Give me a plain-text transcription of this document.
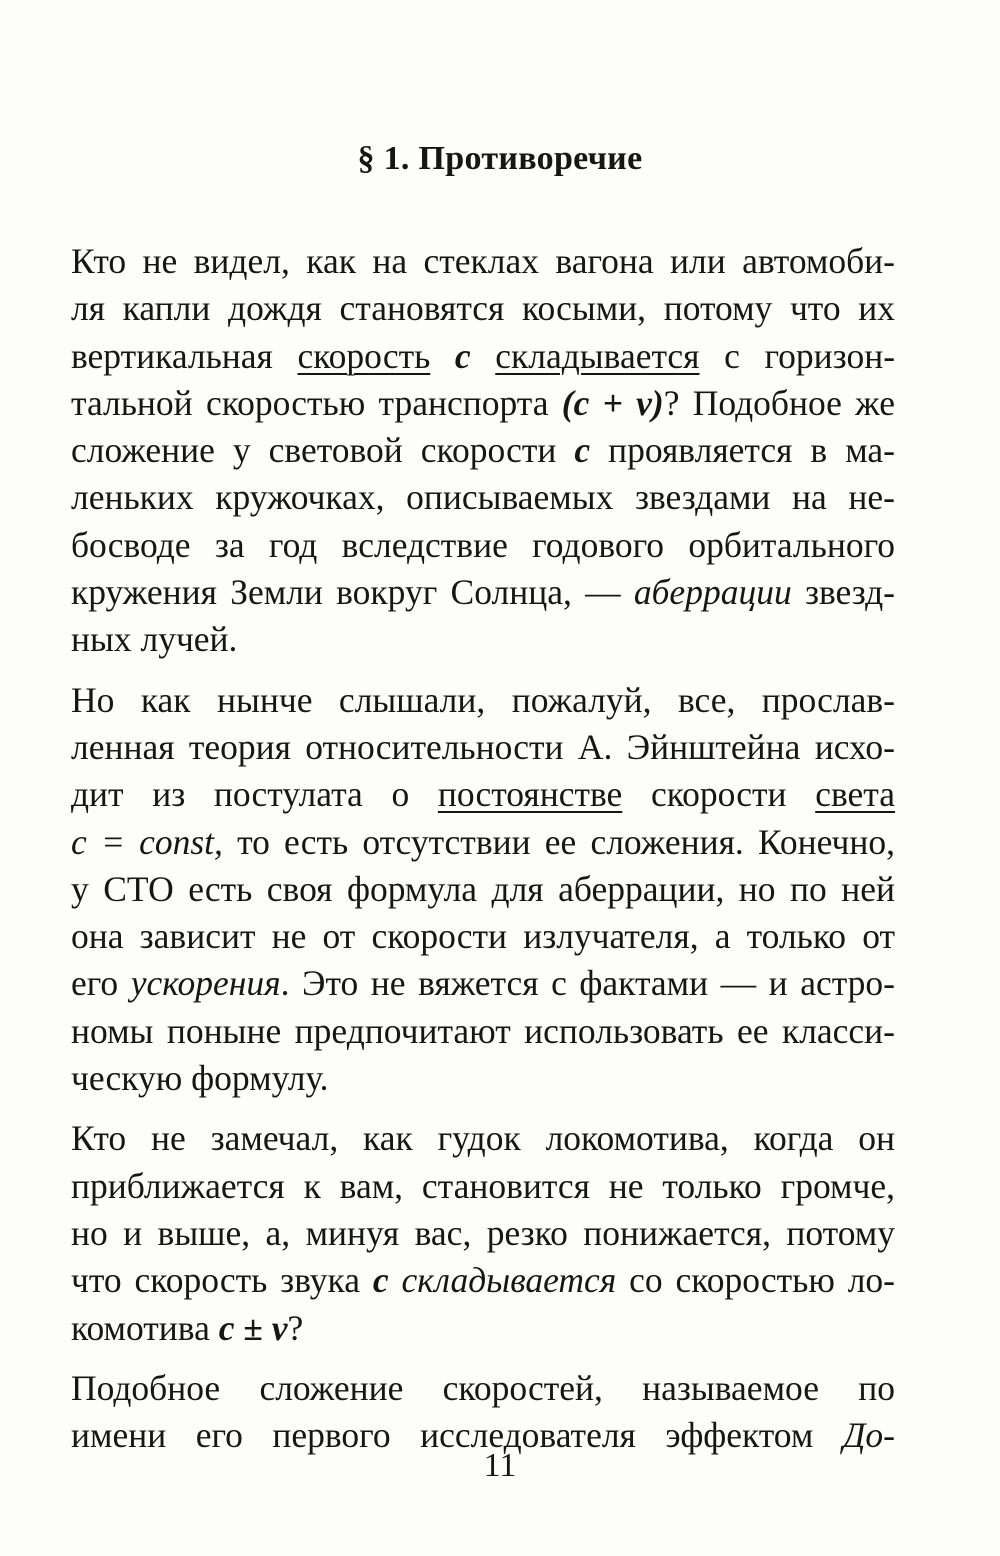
§ 1. Противоречие

Кто не видел, как на стеклах вагона или автомоби-
ля капли дождя становятся косыми, потому что их
вертикальная скорость c складывается с горизон-
тальной скоростью транспорта (c + v)? Подобное же
сложение у световой скорости c проявляется в ма-
леньких кружочках, описываемых звездами на не-
босводе за год вследствие годового орбитального
кружения Земли вокруг Солнца, — аберрации звезд-
ных лучей.

Но как нынче слышали, пожалуй, все, прослав-
ленная теория относительности А. Эйнштейна исхо-
дит из постулата о постоянстве скорости света
c = const, то есть отсутствии ее сложения. Конечно,
у СТО есть своя формула для аберрации, но по ней
она зависит не от скорости излучателя, а только от
его ускорения. Это не вяжется с фактами — и астро-
номы поныне предпочитают использовать ее класси-
ческую формулу.

Кто не замечал, как гудок локомотива, когда он
приближается к вам, становится не только громче,
но и выше, а, минуя вас, резко понижается, потому
что скорость звука c складывается со скоростью ло-
комотива c ± v?

Подобное сложение скоростей, называемое по
имени его первого исследователя эффектом До-

11
